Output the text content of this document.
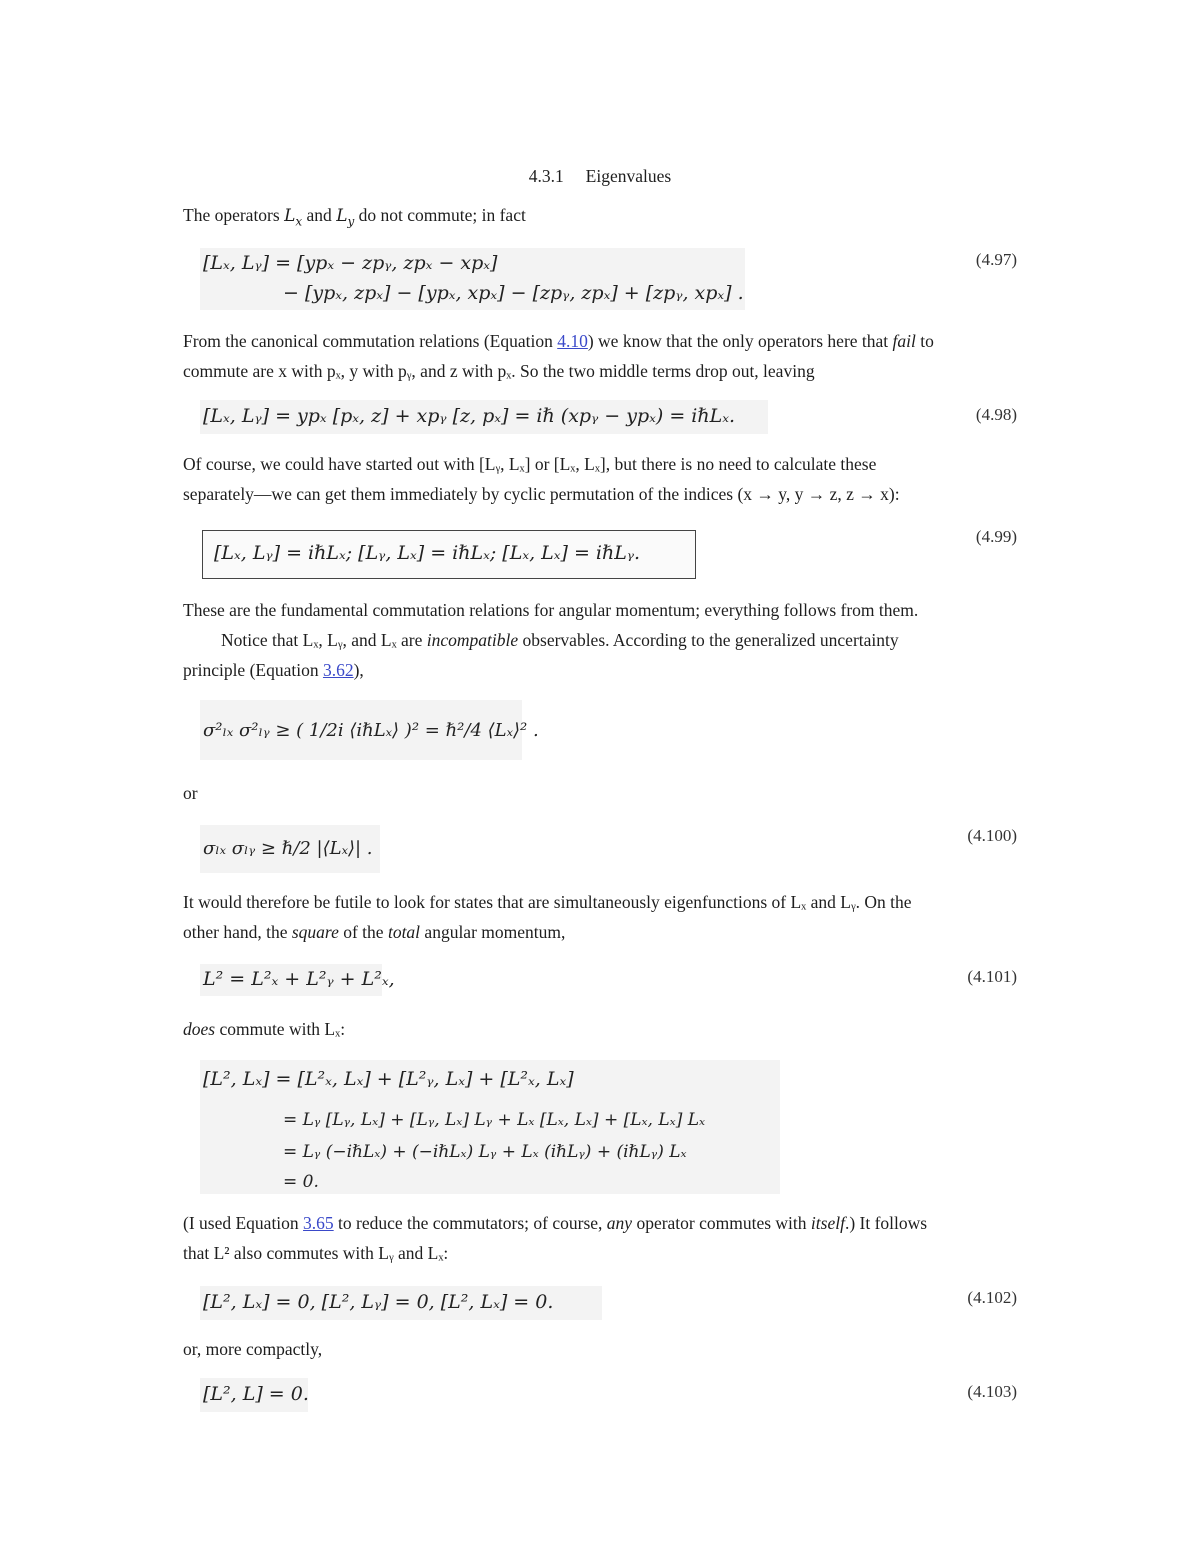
4.3.1 Eigenvalues
The operators $L_x$ and $L_y$ do not commute; in fact
[Lₓ, Lᵧ] = [ypₓ − zpᵧ, zpₓ − xpₓ]
− [ypₓ, zpₓ] − [ypₓ, xpₓ] − [zpᵧ, zpₓ] + [zpᵧ, xpₓ] .
(4.97)
From the canonical commutation relations (Equation 4.10) we know that the only operators here that fail to
commute are x with pₓ, y with pᵧ, and z with pₓ. So the two middle terms drop out, leaving
[Lₓ, Lᵧ] = ypₓ [pₓ, z] + xpᵧ [z, pₓ] = iℏ (xpᵧ − ypₓ) = iℏLₓ.	(4.98)
Of course, we could have started out with [Lᵧ, Lₓ] or [Lₓ, Lₓ], but there is no need to calculate these
separately—we can get them immediately by cyclic permutation of the indices (x → y, y → z, z → x):
[Lₓ, Lᵧ] = iℏLₓ; [Lᵧ, Lₓ] = iℏLₓ; [Lₓ, Lₓ] = iℏLᵧ.
(4.99)
These are the fundamental commutation relations for angular momentum; everything follows from them.
Notice that Lₓ, Lᵧ, and Lₓ are incompatible observables. According to the generalized uncertainty
principle (Equation 3.62),
σ²ₗₓ σ²ₗᵧ ≥ ( 1/2i ⟨iℏLₓ⟩ )² = ℏ²/4 ⟨Lₓ⟩² .
or
σₗₓ σₗᵧ ≥ ℏ/2 |⟨Lₓ⟩| .
(4.100)
It would therefore be futile to look for states that are simultaneously eigenfunctions of Lₓ and Lᵧ. On the
other hand, the square of the total angular momentum,
L² = L²ₓ + L²ᵧ + L²ₓ,	(4.101)
does commute with Lₓ:
[L², Lₓ] = [L²ₓ, Lₓ] + [L²ᵧ, Lₓ] + [L²ₓ, Lₓ]
= Lᵧ [Lᵧ, Lₓ] + [Lᵧ, Lₓ] Lᵧ + Lₓ [Lₓ, Lₓ] + [Lₓ, Lₓ] Lₓ
= Lᵧ (−iℏLₓ) + (−iℏLₓ) Lᵧ + Lₓ (iℏLᵧ) + (iℏLᵧ) Lₓ
= 0.
(I used Equation 3.65 to reduce the commutators; of course, any operator commutes with itself.) It follows
that L² also commutes with Lᵧ and Lₓ:
[L², Lₓ] = 0, [L², Lᵧ] = 0, [L², Lₓ] = 0.	(4.102)
or, more compactly,
[L², L] = 0.	(4.103)
